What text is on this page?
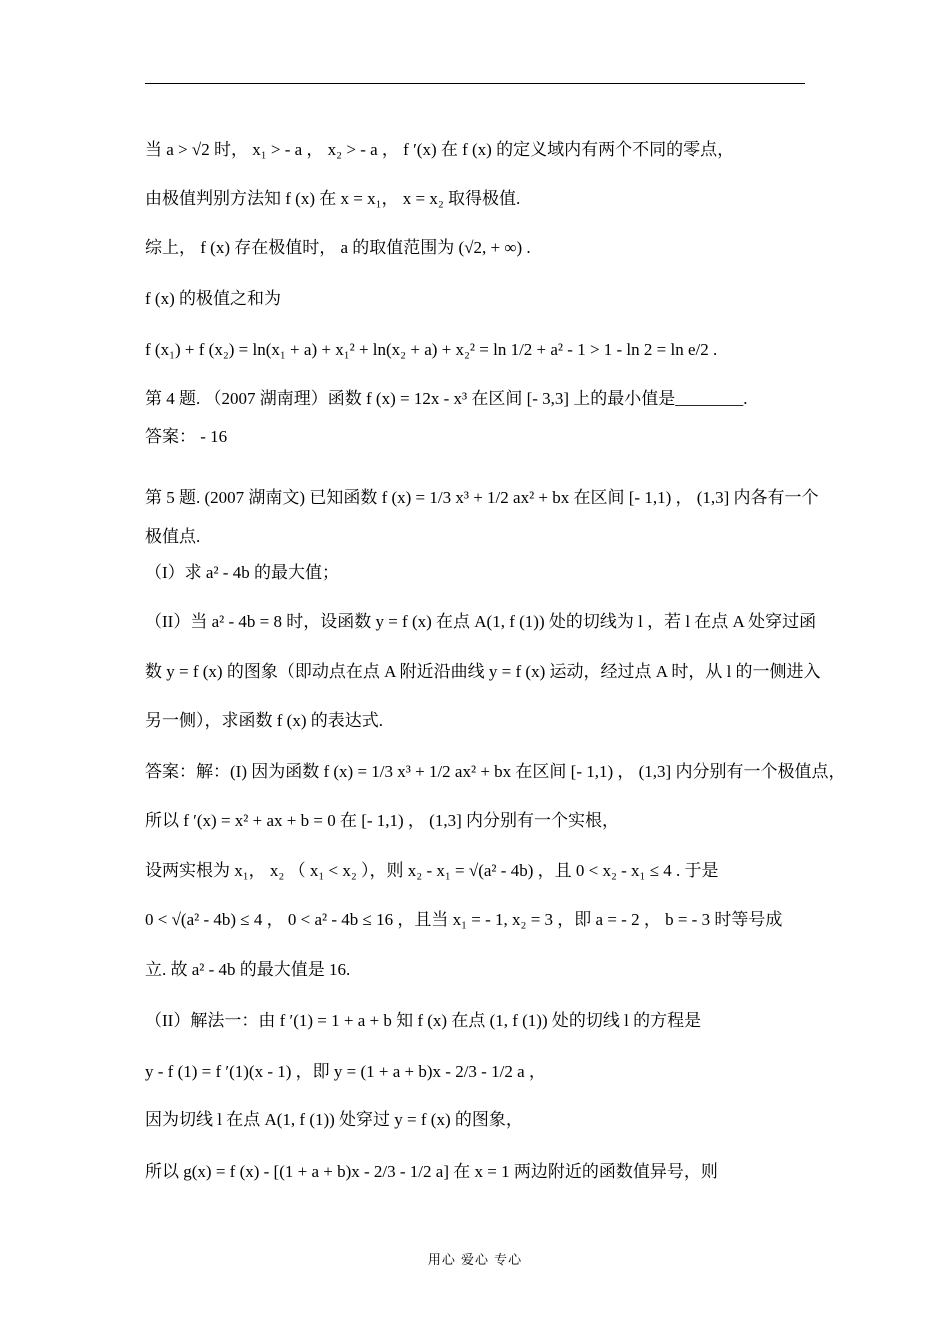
当 a > √2 时， x₁ > - a ， x₂ > - a ， f ′(x) 在 f (x) 的定义域内有两个不同的零点，
由极值判别方法知 f (x) 在 x = x₁， x = x₂ 取得极值.
综上， f (x) 存在极值时， a 的取值范围为 (√2, + ∞) .
f (x) 的极值之和为
f (x₁) + f (x₂) = ln(x₁ + a) + x₁² + ln(x₂ + a) + x₂² = ln 1/2 + a² - 1 > 1 - ln 2 = ln e/2 .
第 4 题. （2007 湖南理）函数 f (x) = 12x - x³ 在区间 [- 3,3] 上的最小值是________.
答案： - 16
第 5 题. (2007 湖南文) 已知函数 f (x) = 1/3 x³ + 1/2 ax² + bx 在区间 [- 1,1) ， (1,3] 内各有一个
极值点.
（I）求 a² - 4b 的最大值；
（II）当 a² - 4b = 8 时，设函数 y = f (x) 在点 A(1, f (1)) 处的切线为 l ，若 l 在点 A 处穿过函
数 y = f (x) 的图象（即动点在点 A 附近沿曲线 y = f (x) 运动，经过点 A 时，从 l 的一侧进入
另一侧），求函数 f (x) 的表达式.
答案：解：(I) 因为函数 f (x) = 1/3 x³ + 1/2 ax² + bx 在区间 [- 1,1) ， (1,3] 内分别有一个极值点，
所以 f ′(x) = x² + ax + b = 0 在 [- 1,1) ， (1,3] 内分别有一个实根，
设两实根为 x₁， x₂ （ x₁ < x₂ ），则 x₂ - x₁ = √(a² - 4b) ，且 0 < x₂ - x₁ ≤ 4 . 于是
0 < √(a² - 4b) ≤ 4 ， 0 < a² - 4b ≤ 16 ，且当 x₁ = - 1, x₂ = 3 ，即 a = - 2 ， b = - 3 时等号成
立. 故 a² - 4b 的最大值是 16.
（II）解法一：由 f ′(1) = 1 + a + b 知 f (x) 在点 (1, f (1)) 处的切线 l 的方程是
y - f (1) = f ′(1)(x - 1) ，即 y = (1 + a + b)x - 2/3 - 1/2 a ，
因为切线 l 在点 A(1, f (1)) 处穿过 y = f (x) 的图象，
所以 g(x) = f (x) - [(1 + a + b)x - 2/3 - 1/2 a] 在 x = 1 两边附近的函数值异号，则
用心 爱心 专心
